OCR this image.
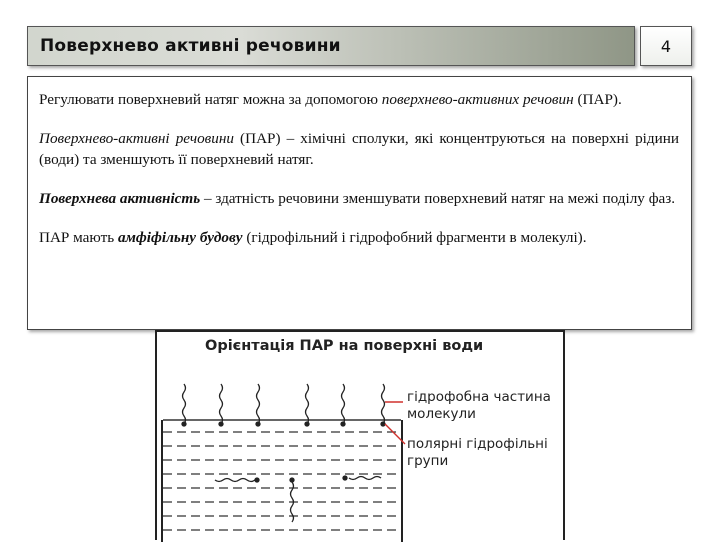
Поверхнево активні речовини	4

Регулювати поверхневий натяг можна за допомогою поверхнево-активних речовин (ПАР).

Поверхнево-активні речовини (ПАР) – хімічні сполуки, які концентруються на поверхні рідини (води) та зменшують її поверхневий натяг.

Поверхнева активність – здатність речовини зменшувати поверхневий натяг на межі поділу фаз.

ПАР мають амфіфільну будову (гідрофільний і гідрофобний фрагменти в молекулі).

Орієнтація ПАР на поверхні води
гідрофобна частина
молекули
полярні гідрофільні
групи
